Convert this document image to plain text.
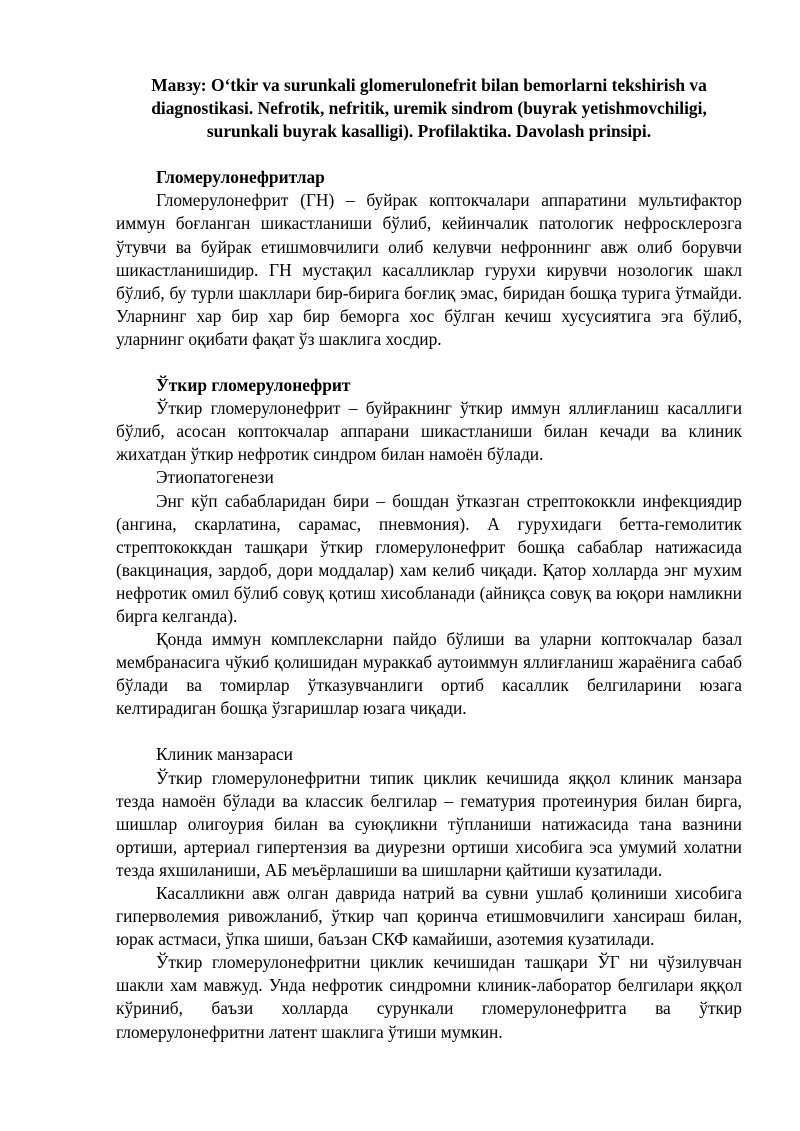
Мавзу: O‘tkir va surunkali glomerulonefrit bilan bemorlarni tekshirish va diagnostikasi. Nefrotik, nefritik, uremik sindrom (buyrak yetishmovchiligi, surunkali buyrak kasalligi). Profilaktika. Davolash prinsipi.

Гломерулонефритлар

Гломерулонефрит (ГН) – буйрак коптокчалари аппаратини мультифактор иммун боғланган шикастланиши бўлиб, кейинчалик патологик нефросклерозга ўтувчи ва буйрак етишмовчилиги олиб келувчи нефроннинг авж олиб борувчи шикастланишидир. ГН мустақил касалликлар гурухи кирувчи нозологик шакл бўлиб, бу турли шакллари бир-бирига боғлиқ эмас, биридан бошқа турига ўтмайди. Уларнинг хар бир хар бир беморга хос бўлган кечиш хусусиятига эга бўлиб, уларнинг оқибати фақат ўз шаклига хосдир.

Ўткир гломерулонефрит

Ўткир гломерулонефрит – буйракнинг ўткир иммун яллиғланиш касаллиги бўлиб, асосан коптокчалар аппарани шикастланиши билан кечади ва клиник жихатдан ўткир нефротик синдром билан намоён бўлади.

Этиопатогенези

Энг кўп сабабларидан бири – бошдан ўтказган стрептококкли инфекциядир (ангина, скарлатина, сарамас, пневмония). А гурухидаги бетта-гемолитик стрептококкдан ташқари ўткир гломерулонефрит бошқа сабаблар натижасида (вакцинация, зардоб, дори моддалар) хам келиб чиқади. Қатор холларда энг мухим нефротик омил бўлиб совуқ қотиш хисобланади (айниқса совуқ ва юқори намликни бирга келганда).

Қонда иммун комплексларни пайдо бўлиши ва уларни коптокчалар базал мембранасига чўкиб қолишидан мураккаб аутоиммун яллиғланиш жараёнига сабаб бўлади ва томирлар ўтказувчанлиги ортиб касаллик белгиларини юзага келтирадиган бошқа ўзгаришлар юзага чиқади.

Клиник манзараси

Ўткир гломерулонефритни типик циклик кечишида яққол клиник манзара тезда намоён бўлади ва классик белгилар – гематурия протеинурия билан бирга, шишлар олигоурия билан ва суюқликни тўпланиши натижасида тана вазнини ортиши, артериал гипертензия ва диурезни ортиши хисобига эса умумий холатни тезда яхшиланиши, АБ меъёрлашиши ва шишларни қайтиши кузатилади.

Касалликни авж олган даврида натрий ва сувни ушлаб қолиниши хисобига гиперволемия ривожланиб, ўткир чап қоринча етишмовчилиги хансираш билан, юрак астмаси, ўпка шиши, баъзан СКФ камайиши, азотемия кузатилади.

Ўткир гломерулонефритни циклик кечишидан ташқари ЎГ ни чўзилувчан шакли хам мавжуд. Унда нефротик синдромни клиник-лаборатор белгилари яққол кўриниб, баъзи холларда сурункали гломерулонефритга ва ўткир гломерулонефритни латент шаклига ўтиши мумкин.
